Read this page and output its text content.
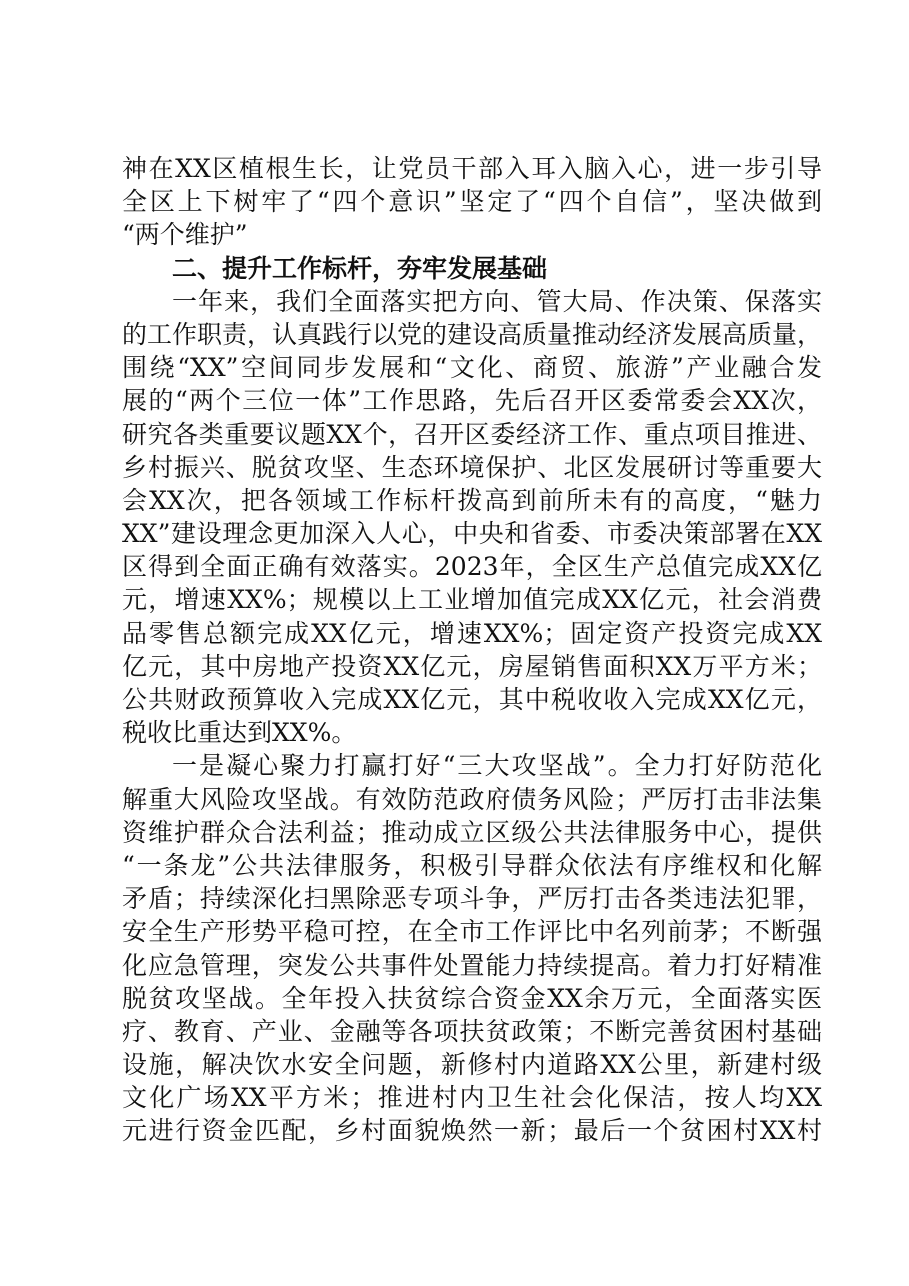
神在XX区植根生长，让党员干部入耳入脑入心，进一步引导
全区上下树牢了“四个意识”坚定了“四个自信”，坚决做到
“两个维护”
二、提升工作标杆，夯牢发展基础
一年来，我们全面落实把方向、管大局、作决策、保落实
的工作职责，认真践行以党的建设高质量推动经济发展高质量，
围绕“XX”空间同步发展和“文化、商贸、旅游”产业融合发
展的“两个三位一体”工作思路，先后召开区委常委会XX次，
研究各类重要议题XX个，召开区委经济工作、重点项目推进、
乡村振兴、脱贫攻坚、生态环境保护、北区发展研讨等重要大
会XX次，把各领域工作标杆拨高到前所未有的高度，“魅力
XX”建设理念更加深入人心，中央和省委、市委决策部署在XX
区得到全面正确有效落实。2023年，全区生产总值完成XX亿
元，增速XX%；规模以上工业增加值完成XX亿元，社会消费
品零售总额完成XX亿元，增速XX%；固定资产投资完成XX
亿元，其中房地产投资XX亿元，房屋销售面积XX万平方米；
公共财政预算收入完成XX亿元，其中税收收入完成XX亿元，
税收比重达到XX%。
一是凝心聚力打赢打好“三大攻坚战”。全力打好防范化
解重大风险攻坚战。有效防范政府债务风险；严厉打击非法集
资维护群众合法利益；推动成立区级公共法律服务中心，提供
“一条龙”公共法律服务，积极引导群众依法有序维权和化解
矛盾；持续深化扫黑除恶专项斗争，严厉打击各类违法犯罪，
安全生产形势平稳可控，在全市工作评比中名列前茅；不断强
化应急管理，突发公共事件处置能力持续提高。着力打好精准
脱贫攻坚战。全年投入扶贫综合资金XX余万元，全面落实医
疗、教育、产业、金融等各项扶贫政策；不断完善贫困村基础
设施，解决饮水安全问题，新修村内道路XX公里，新建村级
文化广场XX平方米；推进村内卫生社会化保洁，按人均XX
元进行资金匹配，乡村面貌焕然一新；最后一个贫困村XX村
